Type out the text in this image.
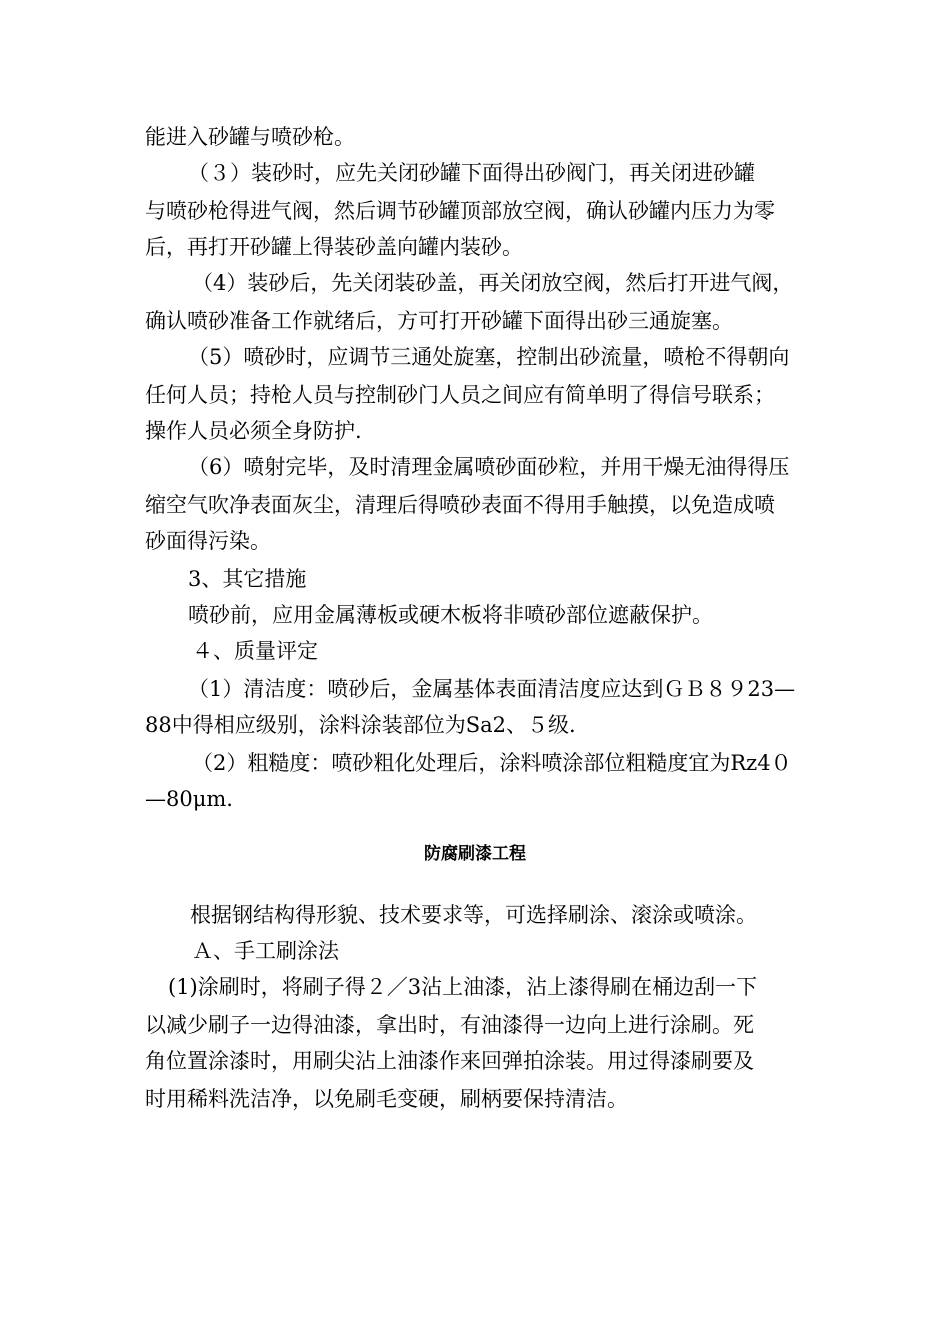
能进入砂罐与喷砂枪。
（３）装砂时，应先关闭砂罐下面得出砂阀门，再关闭进砂罐
与喷砂枪得进气阀，然后调节砂罐顶部放空阀，确认砂罐内压力为零
后，再打开砂罐上得装砂盖向罐内装砂。
（4）装砂后，先关闭装砂盖，再关闭放空阀，然后打开进气阀，
确认喷砂准备工作就绪后，方可打开砂罐下面得出砂三通旋塞。
（5）喷砂时，应调节三通处旋塞，控制出砂流量，喷枪不得朝向
任何人员；持枪人员与控制砂门人员之间应有简单明了得信号联系；
操作人员必须全身防护.
（6）喷射完毕，及时清理金属喷砂面砂粒，并用干燥无油得得压
缩空气吹净表面灰尘，清理后得喷砂表面不得用手触摸，以免造成喷
砂面得污染。
3、其它措施
喷砂前，应用金属薄板或硬木板将非喷砂部位遮蔽保护。
４、质量评定
（1）清洁度：喷砂后，金属基体表面清洁度应达到ＧＢ８９23—
88中得相应级别，涂料涂装部位为Sa2、５级.
（2）粗糙度：喷砂粗化处理后，涂料喷涂部位粗糙度宜为Rz4０
—80μm.
防腐刷漆工程
根据钢结构得形貌、技术要求等，可选择刷涂、滚涂或喷涂。
Ａ、手工刷涂法
(1)涂刷时，将刷子得２／3沾上油漆，沾上漆得刷在桶边刮一下
以减少刷子一边得油漆，拿出时，有油漆得一边向上进行涂刷。死
角位置涂漆时，用刷尖沾上油漆作来回弹拍涂装。用过得漆刷要及
时用稀料洗洁净，以免刷毛变硬，刷柄要保持清洁。
